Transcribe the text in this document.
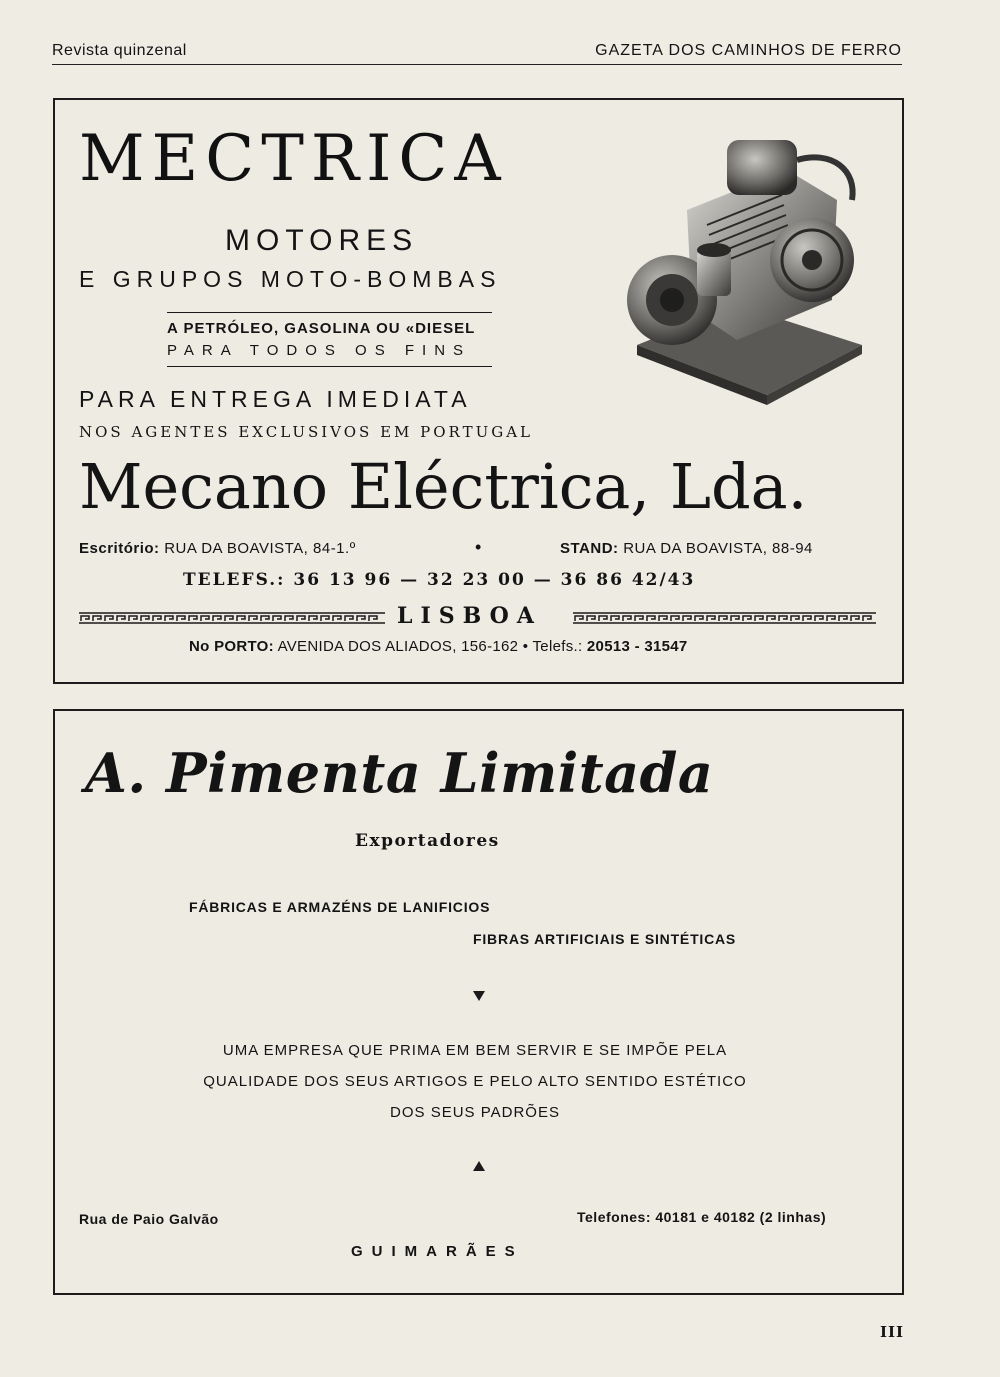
Revista quinzenal	GAZETA DOS CAMINHOS DE FERRO
MECTRICA
MOTORES
E GRUPOS MOTO-BOMBAS
A PETRÓLEO, GASOLINA OU «DIESEL
PARA TODOS OS FINS
PARA ENTREGA IMEDIATA
NOS AGENTES EXCLUSIVOS EM PORTUGAL
Mecano Eléctrica, Lda.
Escritório: RUA DA BOAVISTA, 84-1.º	•	STAND: RUA DA BOAVISTA, 88-94
TELEFS.: 36 13 96 — 32 23 00 — 36 86 42/43
LISBOA
No PORTO: AVENIDA DOS ALIADOS, 156-162 • Telefs.: 20513 - 31547
A. Pimenta Limitada
Exportadores
FÁBRICAS E ARMAZÉNS DE LANIFICIOS
FIBRAS ARTIFICIAIS E SINTÉTICAS
UMA EMPRESA QUE PRIMA EM BEM SERVIR E SE IMPÕE PELA
QUALIDADE DOS SEUS ARTIGOS E PELO ALTO SENTIDO ESTÉTICO
DOS SEUS PADRÕES
Rua de Paio Galvão	Telefones: 40181 e 40182 (2 linhas)
GUIMARÃES
III
